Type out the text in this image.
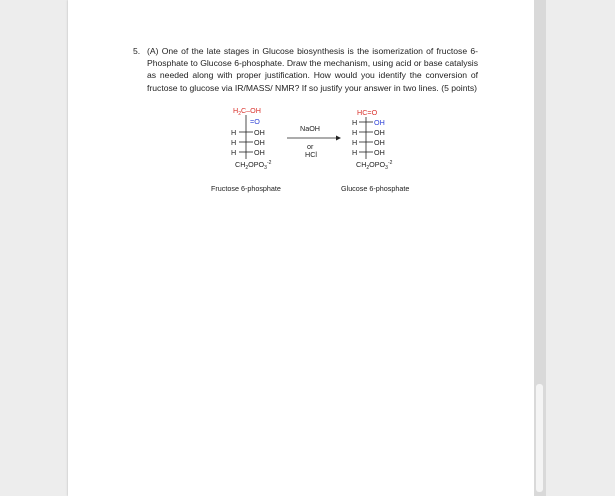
5. (A) One of the late stages in Glucose biosynthesis is the isomerization of fructose 6-Phosphate to Glucose 6-phosphate. Draw the mechanism, using acid or base catalysis as needed along with proper justification. How would you identify the conversion of fructose to glucose via IR/MASS/ NMR? If so justify your answer in two lines. (5 points)
$H_2C-OH$
=O
H OH
H OH
H OH
$CH_2OPO_3^{-2}$
Fructose 6-phosphate
NaOH
or
HCl
HC=O
H OH
H OH
H OH
H OH
$CH_2OPO_3^{-2}$
Glucose 6-phosphate
